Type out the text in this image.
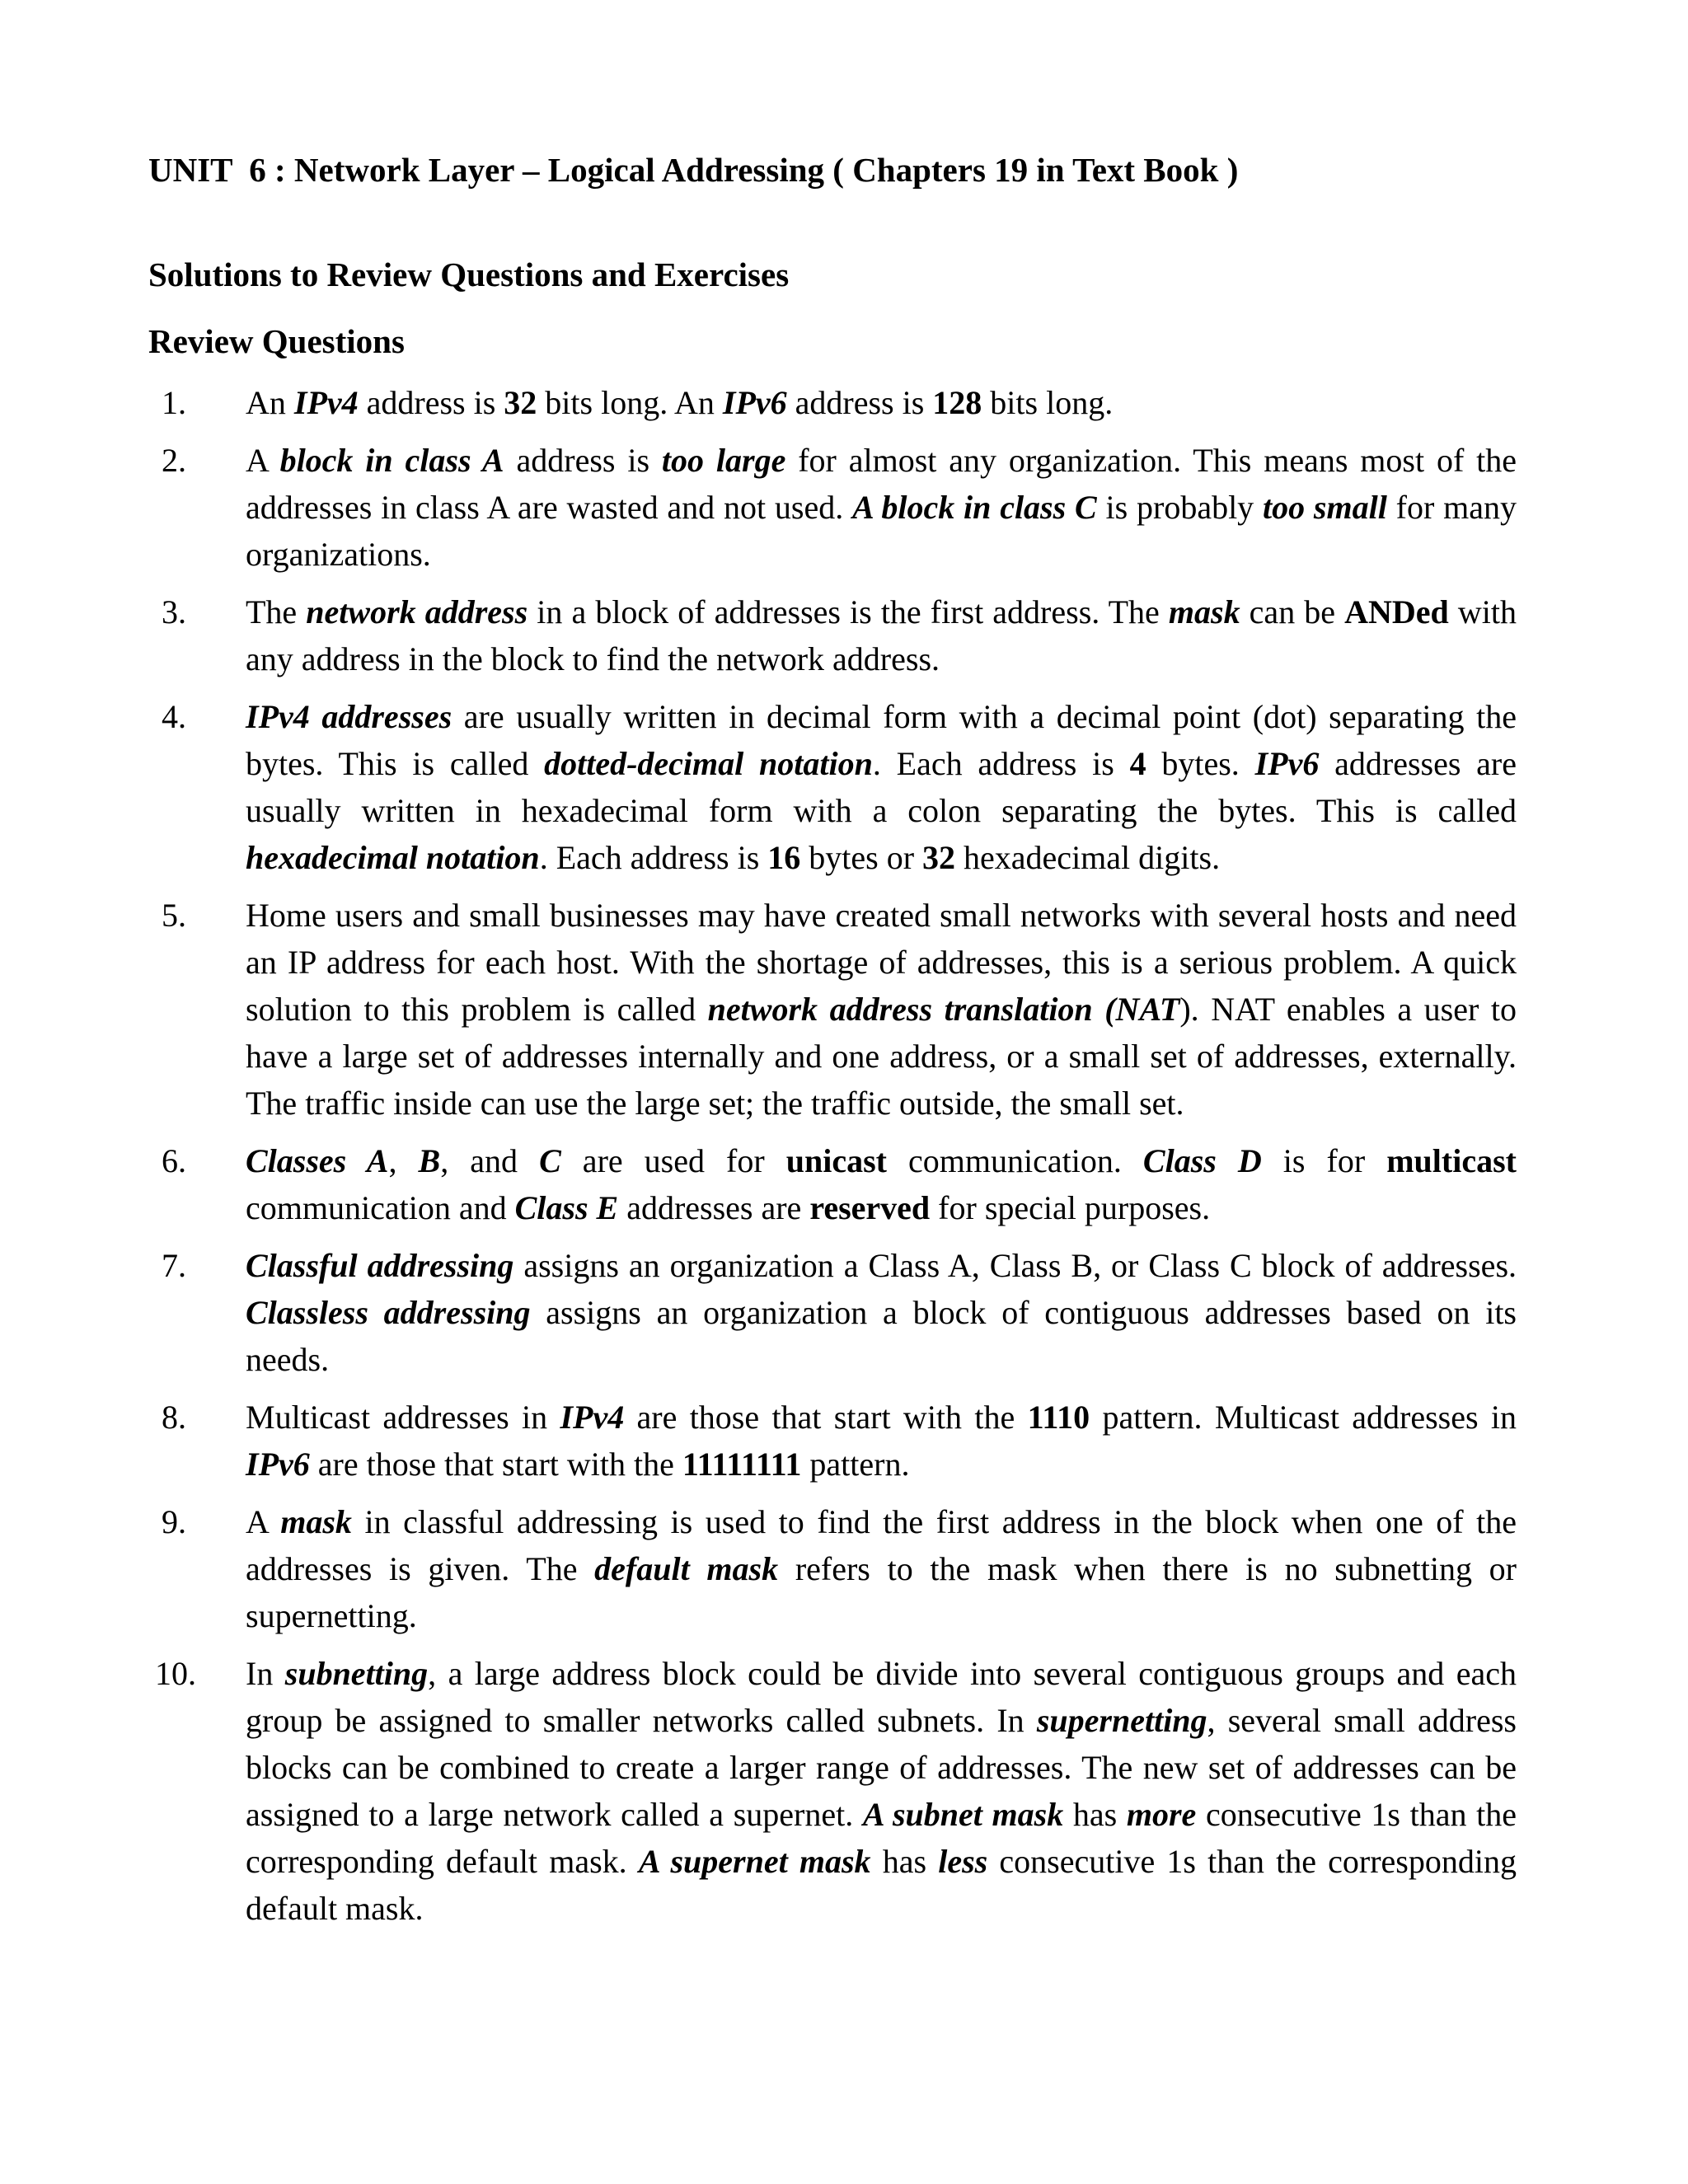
UNIT  6 : Network Layer – Logical Addressing ( Chapters 19 in Text Book )
Solutions to Review Questions and Exercises
Review Questions
1. An IPv4 address is 32 bits long. An IPv6 address is 128 bits long.
2. A block in class A address is too large for almost any organization. This means most of the addresses in class A are wasted and not used. A block in class C is probably too small for many organizations.
3. The network address in a block of addresses is the first address. The mask can be ANDed with any address in the block to find the network address.
4. IPv4 addresses are usually written in decimal form with a decimal point (dot) separating the bytes. This is called dotted-decimal notation. Each address is 4 bytes. IPv6 addresses are usually written in hexadecimal form with a colon separating the bytes. This is called hexadecimal notation. Each address is 16 bytes or 32 hexadecimal digits.
5. Home users and small businesses may have created small networks with several hosts and need an IP address for each host. With the shortage of addresses, this is a serious problem. A quick solution to this problem is called network address translation (NAT). NAT enables a user to have a large set of addresses internally and one address, or a small set of addresses, externally. The traffic inside can use the large set; the traffic outside, the small set.
6. Classes A, B, and C are used for unicast communication. Class D is for multicast communication and Class E addresses are reserved for special purposes.
7. Classful addressing assigns an organization a Class A, Class B, or Class C block of addresses. Classless addressing assigns an organization a block of contiguous addresses based on its needs.
8. Multicast addresses in IPv4 are those that start with the 1110 pattern. Multicast addresses in IPv6 are those that start with the 11111111 pattern.
9. A mask in classful addressing is used to find the first address in the block when one of the addresses is given. The default mask refers to the mask when there is no subnetting or supernetting.
10. In subnetting, a large address block could be divide into several contiguous groups and each group be assigned to smaller networks called subnets. In supernetting, several small address blocks can be combined to create a larger range of addresses. The new set of addresses can be assigned to a large network called a supernet. A subnet mask has more consecutive 1s than the corresponding default mask. A supernet mask has less consecutive 1s than the corresponding default mask.
